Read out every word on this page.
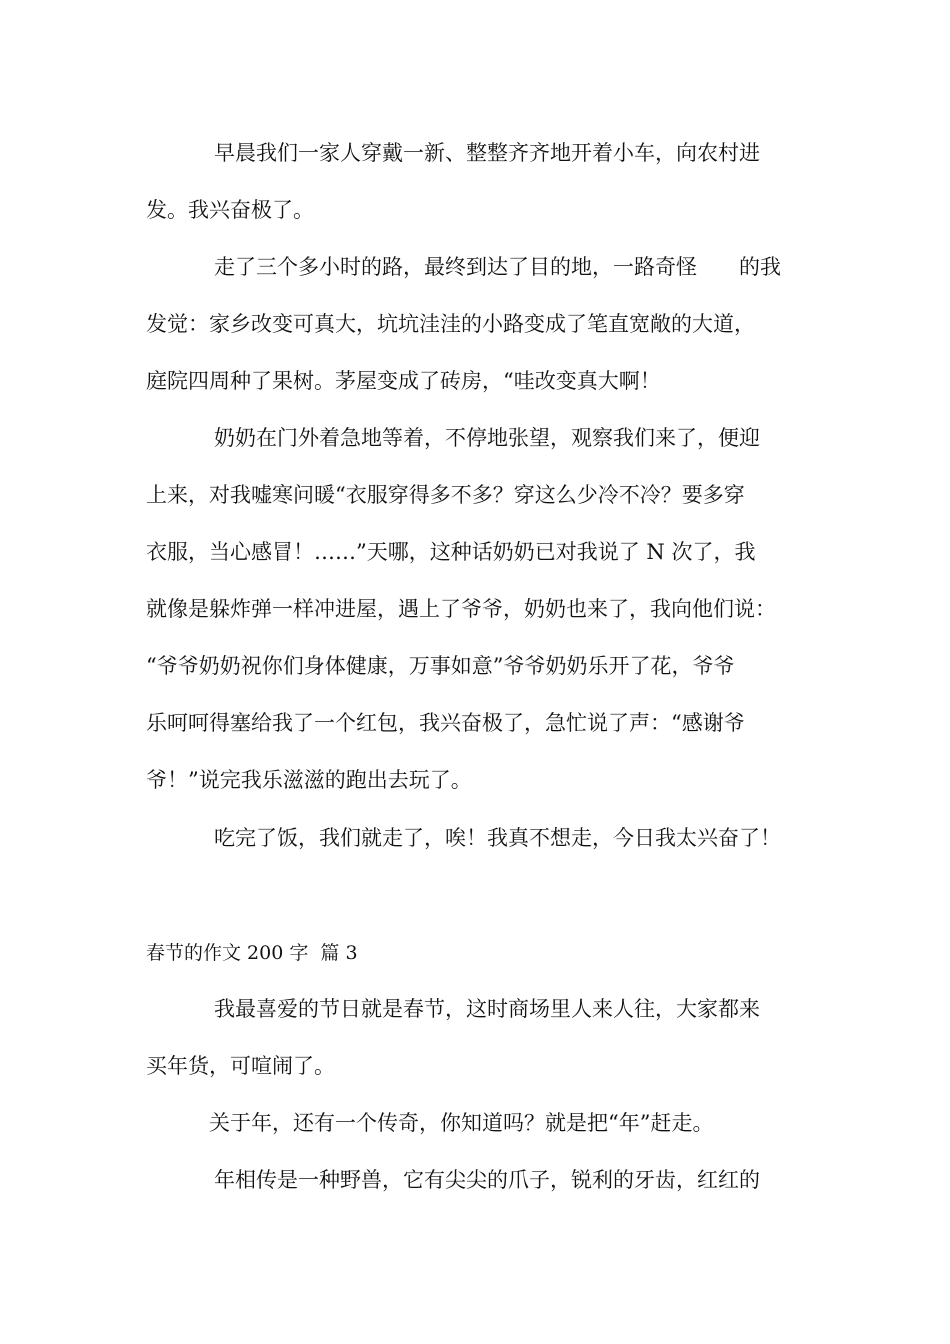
早晨我们一家人穿戴一新、整整齐齐地开着小车，向农村进
发。我兴奋极了。
走了三个多小时的路，最终到达了目的地，一路奇怪　　的我
发觉：家乡改变可真大，坑坑洼洼的小路变成了笔直宽敞的大道，
庭院四周种了果树。茅屋变成了砖房，“哇改变真大啊！
奶奶在门外着急地等着，不停地张望，观察我们来了，便迎
上来，对我嘘寒问暖“衣服穿得多不多？穿这么少冷不冷？要多穿
衣服，当心感冒！……”天哪，这种话奶奶已对我说了 N 次了，我
就像是躲炸弹一样冲进屋，遇上了爷爷，奶奶也来了，我向他们说：
“爷爷奶奶祝你们身体健康，万事如意”爷爷奶奶乐开了花，爷爷
乐呵呵得塞给我了一个红包，我兴奋极了，急忙说了声：“感谢爷
爷！”说完我乐滋滋的跑出去玩了。
吃完了饭，我们就走了，唉！我真不想走，今日我太兴奋了！
春节的作文 200 字  篇 3
我最喜爱的节日就是春节，这时商场里人来人往，大家都来
买年货，可喧闹了。
关于年，还有一个传奇，你知道吗？就是把“年”赶走。
年相传是一种野兽，它有尖尖的爪子，锐利的牙齿，红红的
